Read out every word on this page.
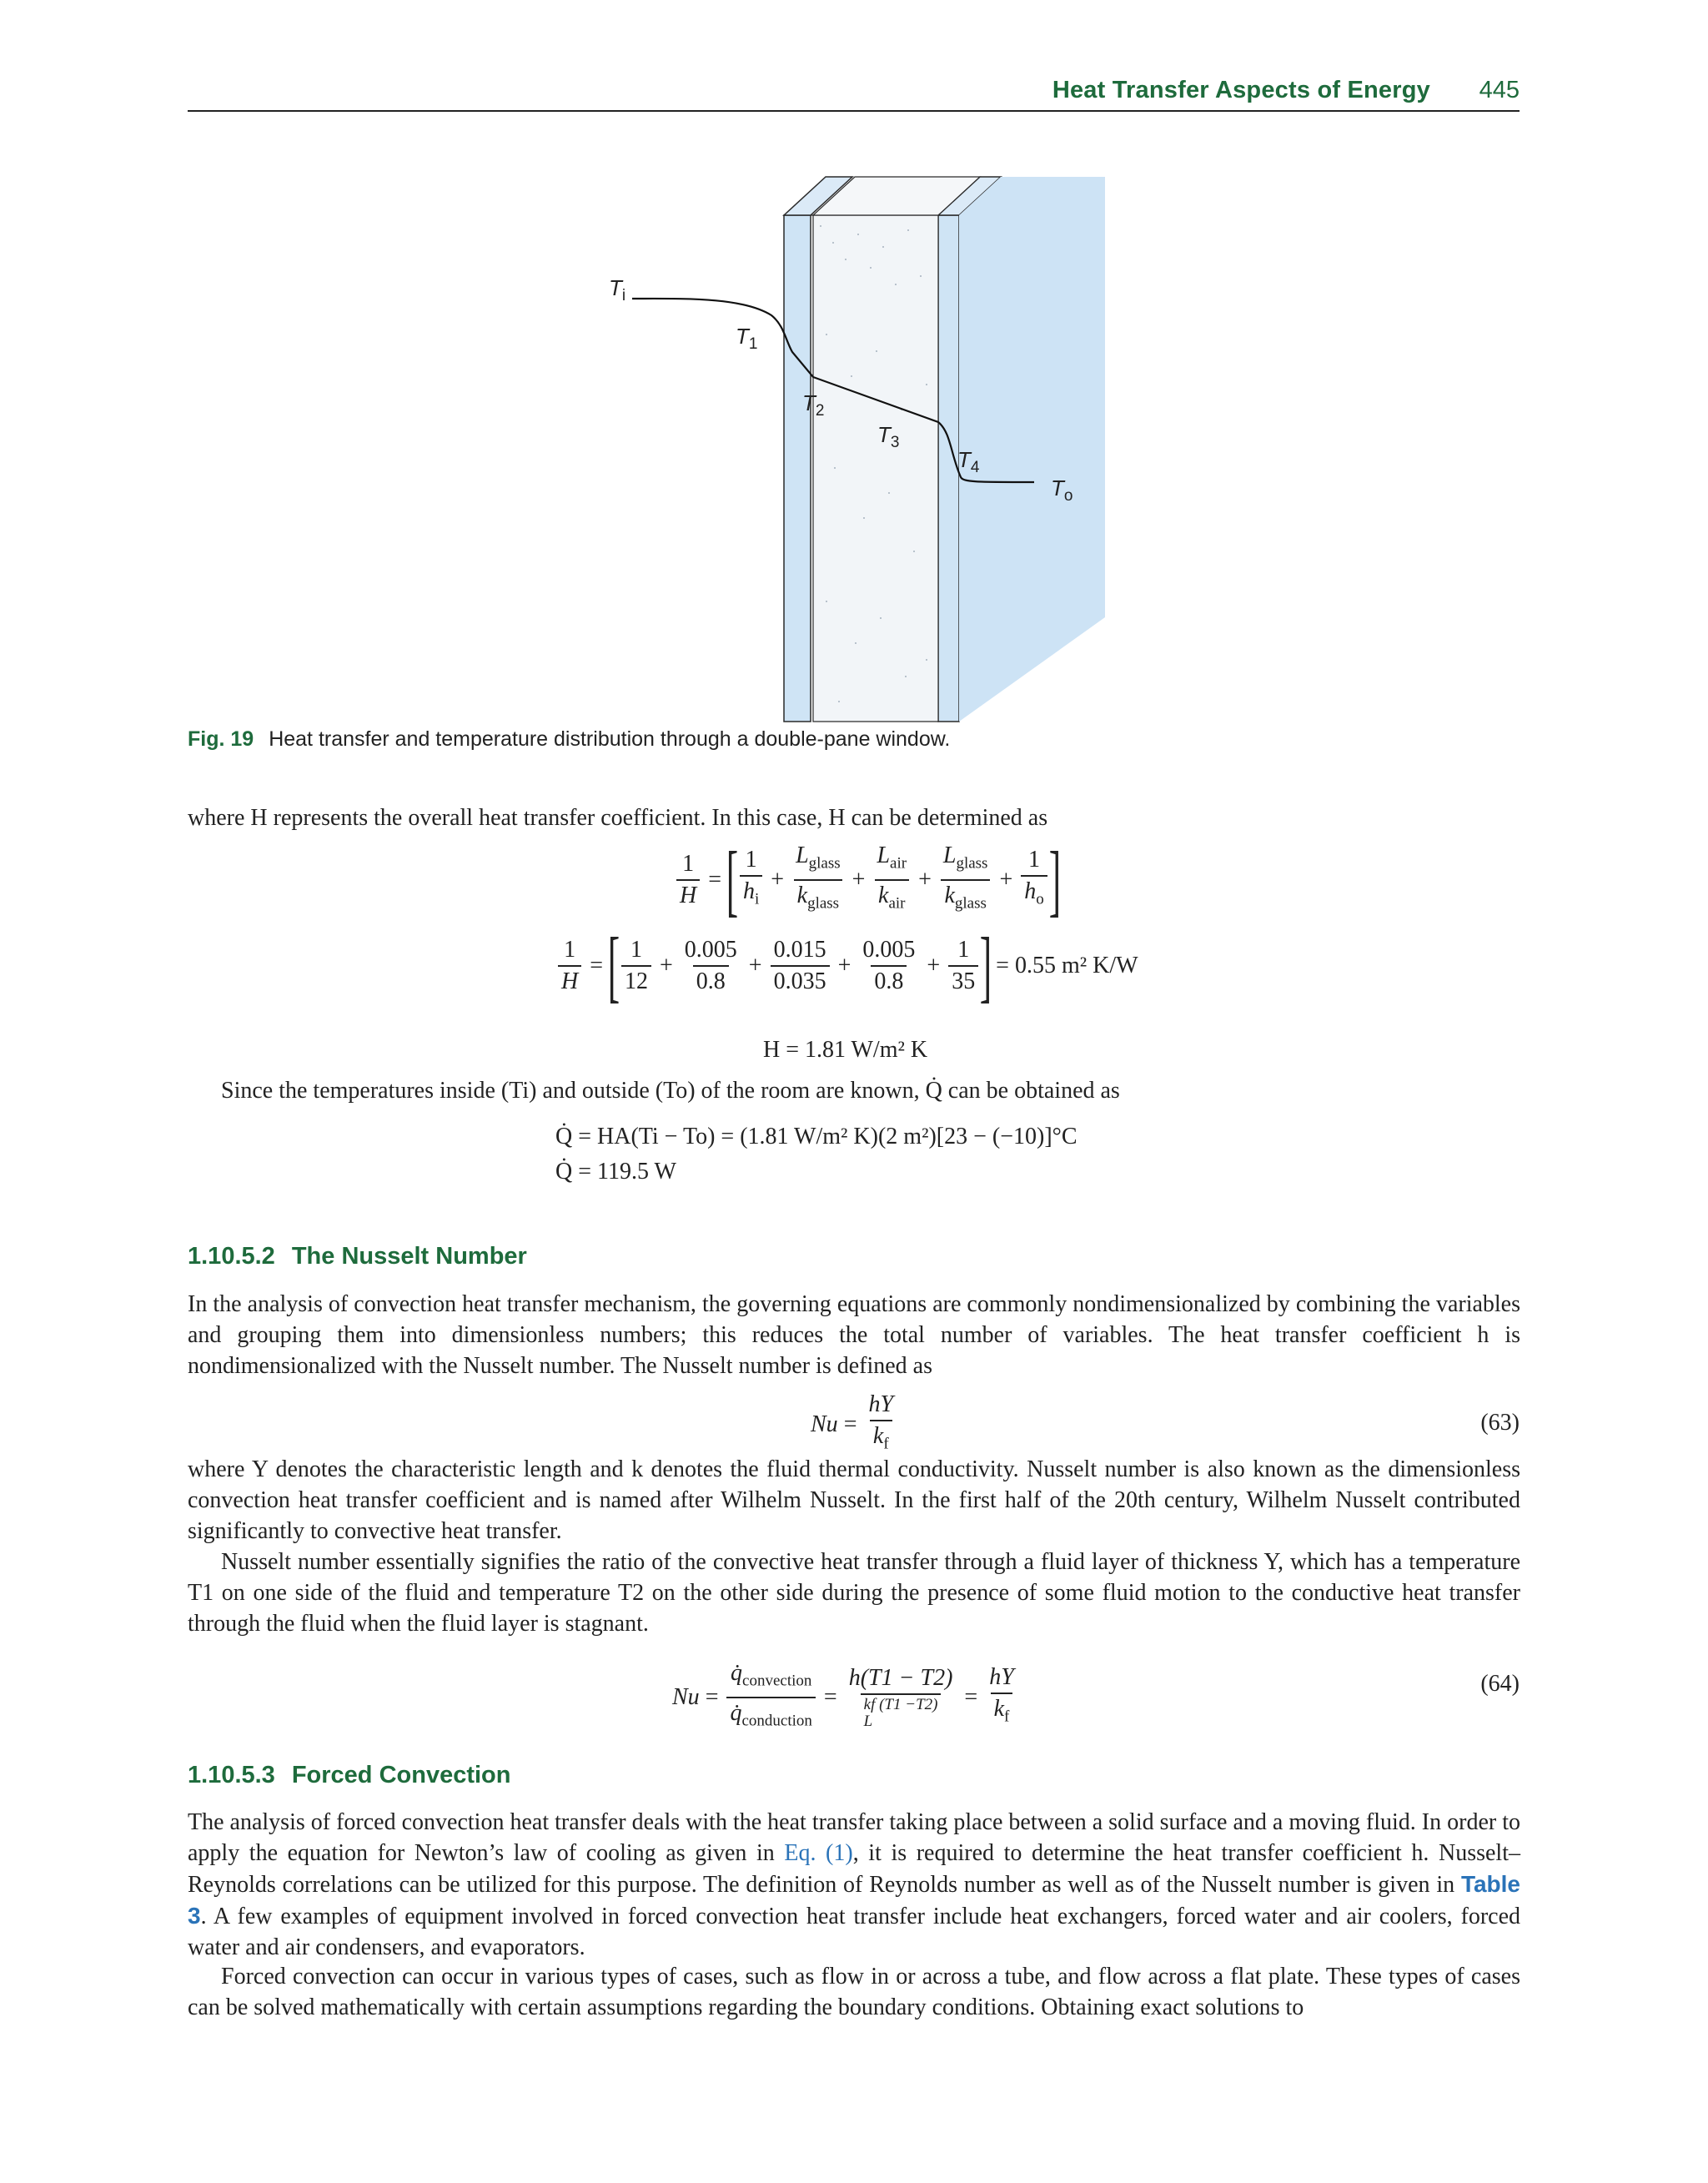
Heat Transfer Aspects of Energy 445
$T_i$
$T_1$
$T_2$
$T_3$
$T_4$
$T_o$
Fig. 19 Heat transfer and temperature distribution through a double-pane window.
where H represents the overall heat transfer coefficient. In this case, H can be determined as
$\frac{1}{H}$ = [ $\frac{1}{h_i} + \frac{L_{glass}}{k_{glass}} + \frac{L_{air}}{k_{air}} + \frac{L_{glass}}{k_{glass}} + \frac{1}{h_o}$ ]
$\frac{1}{H}$ = [ $\frac{1}{12} + \frac{0.005}{0.8} + \frac{0.015}{0.035} + \frac{0.005}{0.8} + \frac{1}{35}$ ] = 0.55 m² K/W
H = 1.81 W/m² K
Since the temperatures inside (Ti) and outside (To) of the room are known, Q̇ can be obtained as
Q̇ = HA(Ti − To) = (1.81 W/m² K)(2 m²)[23 − (−10)]°C
Q̇ = 119.5 W
1.10.5.2 The Nusselt Number
In the analysis of convection heat transfer mechanism, the governing equations are commonly nondimensionalized by combining the variables and grouping them into dimensionless numbers; this reduces the total number of variables. The heat transfer coefficient h is nondimensionalized with the Nusselt number. The Nusselt number is defined as
$Nu = \frac{hY}{k_f}$	(63)
where Y denotes the characteristic length and k denotes the fluid thermal conductivity. Nusselt number is also known as the dimensionless convection heat transfer coefficient and is named after Wilhelm Nusselt. In the first half of the 20th century, Wilhelm Nusselt contributed significantly to convective heat transfer.
Nusselt number essentially signifies the ratio of the convective heat transfer through a fluid layer of thickness Y, which has a temperature T1 on one side of the fluid and temperature T2 on the other side during the presence of some fluid motion to the conductive heat transfer through the fluid when the fluid layer is stagnant.
$Nu = \frac{q̇_{convection}}{q̇_{conduction}}$ =
h(T1 − T2)
kf (T1 −T2)
L
= $\frac{hY}{k_f}$	(64)
1.10.5.3 Forced Convection
The analysis of forced convection heat transfer deals with the heat transfer taking place between a solid surface and a moving fluid. In order to apply the equation for Newton’s law of cooling as given in Eq. (1), it is required to determine the heat transfer coefficient h. Nusselt–Reynolds correlations can be utilized for this purpose. The definition of Reynolds number as well as of the Nusselt number is given in Table 3. A few examples of equipment involved in forced convection heat transfer include heat exchangers, forced water and air coolers, forced water and air condensers, and evaporators.
Forced convection can occur in various types of cases, such as flow in or across a tube, and flow across a flat plate. These types of cases can be solved mathematically with certain assumptions regarding the boundary conditions. Obtaining exact solutions to
